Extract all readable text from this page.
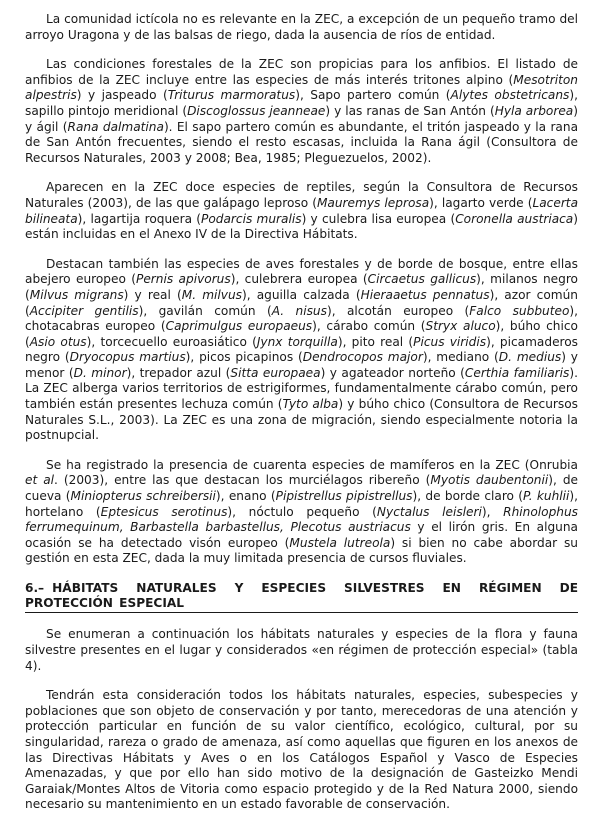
La comunidad ictícola no es relevante en la ZEC, a excepción de un pequeño tramo del arroyo Uragona y de las balsas de riego, dada la ausencia de ríos de entidad.

Las condiciones forestales de la ZEC son propicias para los anfibios. El listado de anfibios de la ZEC incluye entre las especies de más interés tritones alpino (Mesotriton alpestris) y jaspeado (Triturus marmoratus), Sapo partero común (Alytes obstetricans), sapillo pintojo meridional (Discoglossus jeanneae) y las ranas de San Antón (Hyla arborea) y ágil (Rana dalmatina). El sapo partero común es abundante, el tritón jaspeado y la rana de San Antón frecuentes, siendo el resto escasas, incluida la Rana ágil (Consultora de Recursos Naturales, 2003 y 2008; Bea, 1985; Pleguezuelos, 2002).

Aparecen en la ZEC doce especies de reptiles, según la Consultora de Recursos Naturales (2003), de las que galápago leproso (Mauremys leprosa), lagarto verde (Lacerta bilineata), lagartija roquera (Podarcis muralis) y culebra lisa europea (Coronella austriaca) están incluidas en el Anexo IV de la Directiva Hábitats.

Destacan también las especies de aves forestales y de borde de bosque, entre ellas abejero europeo (Pernis apivorus), culebrera europea (Circaetus gallicus), milanos negro (Milvus migrans) y real (M. milvus), aguilla calzada (Hieraaetus pennatus), azor común (Accipiter gentilis), gavilán común (A. nisus), alcotán europeo (Falco subbuteo), chotacabras europeo (Caprimulgus europaeus), cárabo común (Stryx aluco), búho chico (Asio otus), torcecuello euroasiático (Jynx torquilla), pito real (Picus viridis), picamaderos negro (Dryocopus martius), picos picapinos (Dendrocopos major), mediano (D. medius) y menor (D. minor), trepador azul (Sitta europaea) y agateador norteño (Certhia familiaris). La ZEC alberga varios territorios de estrigiformes, fundamentalmente cárabo común, pero también están presentes lechuza común (Tyto alba) y búho chico (Consultora de Recursos Naturales S.L., 2003). La ZEC es una zona de migración, siendo especialmente notoria la postnupcial.

Se ha registrado la presencia de cuarenta especies de mamíferos en la ZEC (Onrubia et al. (2003), entre las que destacan los murciélagos ribereño (Myotis daubentonii), de cueva (Miniopterus schreibersii), enano (Pipistrellus pipistrellus), de borde claro (P. kuhlii), hortelano (Eptesicus serotinus), nóctulo pequeño (Nyctalus leisleri), Rhinolophus ferrumequinum, Barbastella barbastellus, Plecotus austriacus y el lirón gris. En alguna ocasión se ha detectado visón europeo (Mustela lutreola) si bien no cabe abordar su gestión en esta ZEC, dada la muy limitada presencia de cursos fluviales.

6.– HÁBITATS NATURALES Y ESPECIES SILVESTRES EN RÉGIMEN DE PROTECCIÓN ESPECIAL

Se enumeran a continuación los hábitats naturales y especies de la flora y fauna silvestre presentes en el lugar y considerados «en régimen de protección especial» (tabla 4).

Tendrán esta consideración todos los hábitats naturales, especies, subespecies y poblaciones que son objeto de conservación y por tanto, merecedoras de una atención y protección particular en función de su valor científico, ecológico, cultural, por su singularidad, rareza o grado de amenaza, así como aquellas que figuren en los anexos de las Directivas Hábitats y Aves o en los Catálogos Español y Vasco de Especies Amenazadas, y que por ello han sido motivo de la designación de Gasteizko Mendi Garaiak/Montes Altos de Vitoria como espacio protegido y de la Red Natura 2000, siendo necesario su mantenimiento en un estado favorable de conservación.
